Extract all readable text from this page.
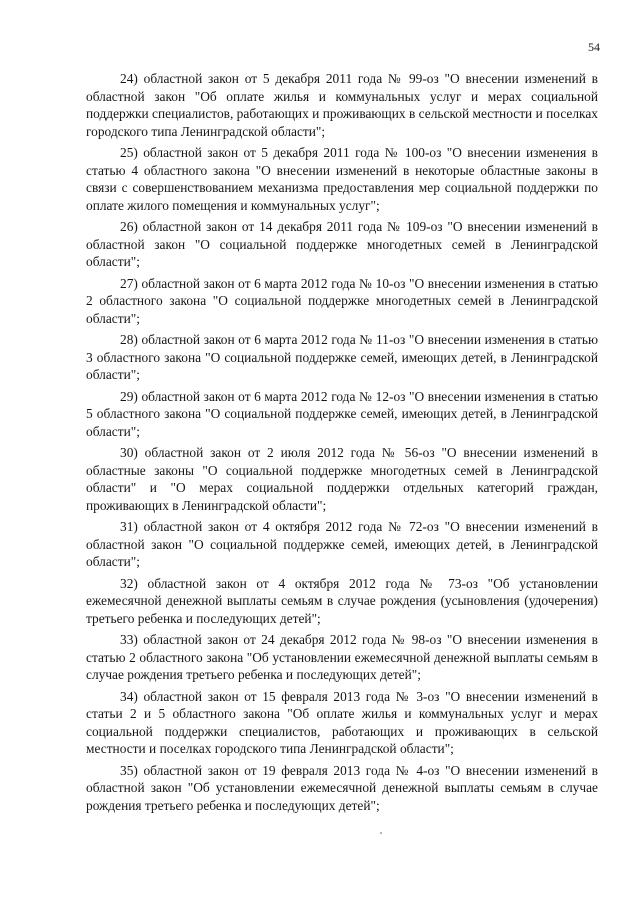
54

24) областной закон от 5 декабря 2011 года № 99-оз "О внесении изменений в областной закон "Об оплате жилья и коммунальных услуг и мерах социальной поддержки специалистов, работающих и проживающих в сельской местности и поселках городского типа Ленинградской области";

25) областной закон от 5 декабря 2011 года № 100-оз "О внесении изменения в статью 4 областного закона "О внесении изменений в некоторые областные законы в связи с совершенствованием механизма предоставления мер социальной поддержки по оплате жилого помещения и коммунальных услуг";

26) областной закон от 14 декабря 2011 года № 109-оз "О внесении изменений в областной закон "О социальной поддержке многодетных семей в Ленинградской области";

27) областной закон от 6 марта 2012 года № 10-оз "О внесении изменения в статью 2 областного закона "О социальной поддержке многодетных семей в Ленинградской области";

28) областной закон от 6 марта 2012 года № 11-оз "О внесении изменения в статью 3 областного закона "О социальной поддержке семей, имеющих детей, в Ленинградской области";

29) областной закон от 6 марта 2012 года № 12-оз "О внесении изменения в статью 5 областного закона "О социальной поддержке семей, имеющих детей, в Ленинградской области";

30) областной закон от 2 июля 2012 года № 56-оз "О внесении изменений в областные законы "О социальной поддержке многодетных семей в Ленинградской области" и "О мерах социальной поддержки отдельных категорий граждан, проживающих в Ленинградской области";

31) областной закон от 4 октября 2012 года № 72-оз "О внесении изменений в областной закон "О социальной поддержке семей, имеющих детей, в Ленинградской области";

32) областной закон от 4 октября 2012 года № 73-оз "Об установлении ежемесячной денежной выплаты семьям в случае рождения (усыновления (удочерения) третьего ребенка и последующих детей";

33) областной закон от 24 декабря 2012 года № 98-оз "О внесении изменения в статью 2 областного закона "Об установлении ежемесячной денежной выплаты семьям в случае рождения третьего ребенка и последующих детей";

34) областной закон от 15 февраля 2013 года № 3-оз "О внесении изменений в статьи 2 и 5 областного закона "Об оплате жилья и коммунальных услуг и мерах социальной поддержки специалистов, работающих и проживающих в сельской местности и поселках городского типа Ленинградской области";

35) областной закон от 19 февраля 2013 года № 4-оз "О внесении изменений в областной закон "Об установлении ежемесячной денежной выплаты семьям в случае рождения третьего ребенка и последующих детей";
